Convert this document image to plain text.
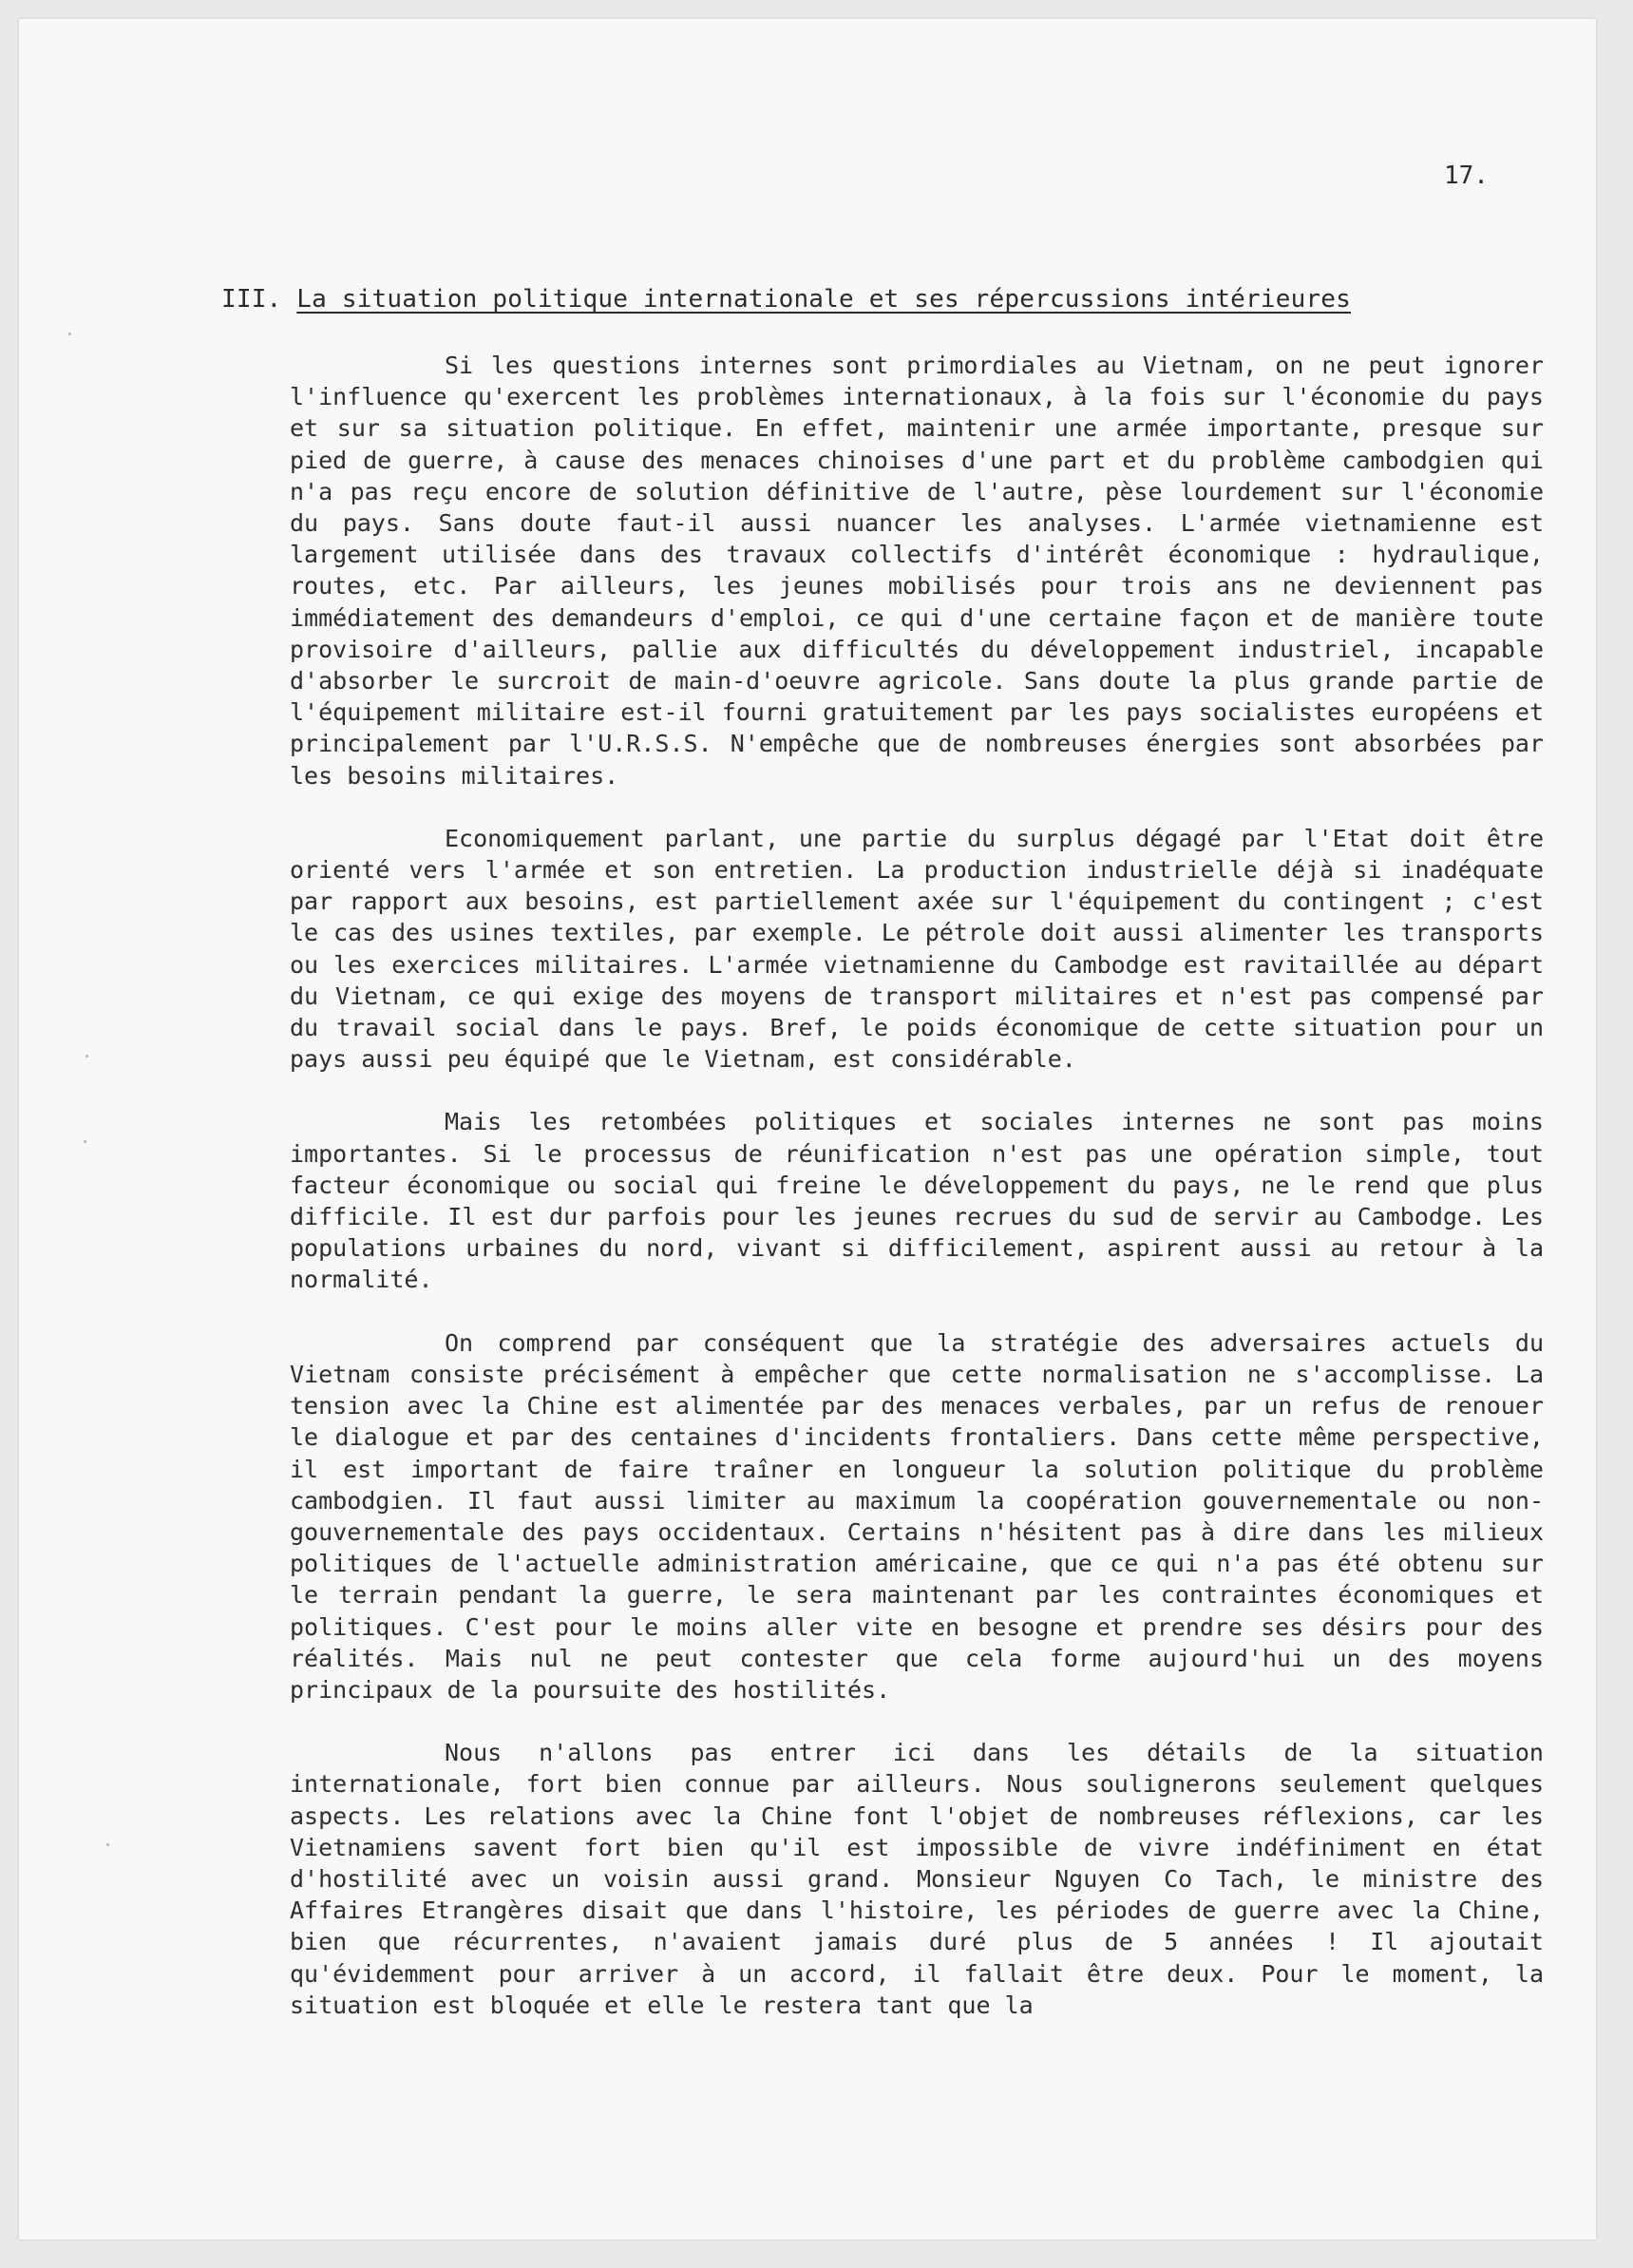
17.
III. La situation politique internationale et ses répercussions intérieures

Si les questions internes sont primordiales au Vietnam, on ne peut ignorer l'influence qu'exercent les problèmes internationaux, à la fois sur l'économie du pays et sur sa situation politique. En effet, maintenir une armée importante, presque sur pied de guerre, à cause des menaces chinoises d'une part et du problème cambodgien qui n'a pas reçu encore de solution définitive de l'autre, pèse lourdement sur l'économie du pays. Sans doute faut-il aussi nuancer les analyses. L'armée vietnamienne est largement utilisée dans des travaux collectifs d'intérêt économique : hydraulique, routes, etc. Par ailleurs, les jeunes mobilisés pour trois ans ne deviennent pas immédiatement des demandeurs d'emploi, ce qui d'une certaine façon et de manière toute provisoire d'ailleurs, pallie aux difficultés du développement industriel, incapable d'absorber le surcroit de main-d'oeuvre agricole. Sans doute la plus grande partie de l'équipement militaire est-il fourni gratuitement par les pays socialistes européens et principalement par l'U.R.S.S. N'empêche que de nombreuses énergies sont absorbées par les besoins militaires.

Economiquement parlant, une partie du surplus dégagé par l'Etat doit être orienté vers l'armée et son entretien. La production industrielle déjà si inadéquate par rapport aux besoins, est partiellement axée sur l'équipement du contingent ; c'est le cas des usines textiles, par exemple. Le pétrole doit aussi alimenter les transports ou les exercices militaires. L'armée vietnamienne du Cambodge est ravitaillée au départ du Vietnam, ce qui exige des moyens de transport militaires et n'est pas compensé par du travail social dans le pays. Bref, le poids économique de cette situation pour un pays aussi peu équipé que le Vietnam, est considérable.

Mais les retombées politiques et sociales internes ne sont pas moins importantes. Si le processus de réunification n'est pas une opération simple, tout facteur économique ou social qui freine le développement du pays, ne le rend que plus difficile. Il est dur parfois pour les jeunes recrues du sud de servir au Cambodge. Les populations urbaines du nord, vivant si difficilement, aspirent aussi au retour à la normalité.

On comprend par conséquent que la stratégie des adversaires actuels du Vietnam consiste précisément à empêcher que cette normalisation ne s'accomplisse. La tension avec la Chine est alimentée par des menaces verbales, par un refus de renouer le dialogue et par des centaines d'incidents frontaliers. Dans cette même perspective, il est important de faire traîner en longueur la solution politique du problème cambodgien. Il faut aussi limiter au maximum la coopération gouvernementale ou non-gouvernementale des pays occidentaux. Certains n'hésitent pas à dire dans les milieux politiques de l'actuelle administration américaine, que ce qui n'a pas été obtenu sur le terrain pendant la guerre, le sera maintenant par les contraintes économiques et politiques. C'est pour le moins aller vite en besogne et prendre ses désirs pour des réalités. Mais nul ne peut contester que cela forme aujourd'hui un des moyens principaux de la poursuite des hostilités.

Nous n'allons pas entrer ici dans les détails de la situation internationale, fort bien connue par ailleurs. Nous soulignerons seulement quelques aspects. Les relations avec la Chine font l'objet de nombreuses réflexions, car les Vietnamiens savent fort bien qu'il est impossible de vivre indéfiniment en état d'hostilité avec un voisin aussi grand. Monsieur Nguyen Co Tach, le ministre des Affaires Etrangères disait que dans l'histoire, les périodes de guerre avec la Chine, bien que récurrentes, n'avaient jamais duré plus de 5 années ! Il ajoutait qu'évidemment pour arriver à un accord, il fallait être deux. Pour le moment, la situation est bloquée et elle le restera tant que la
